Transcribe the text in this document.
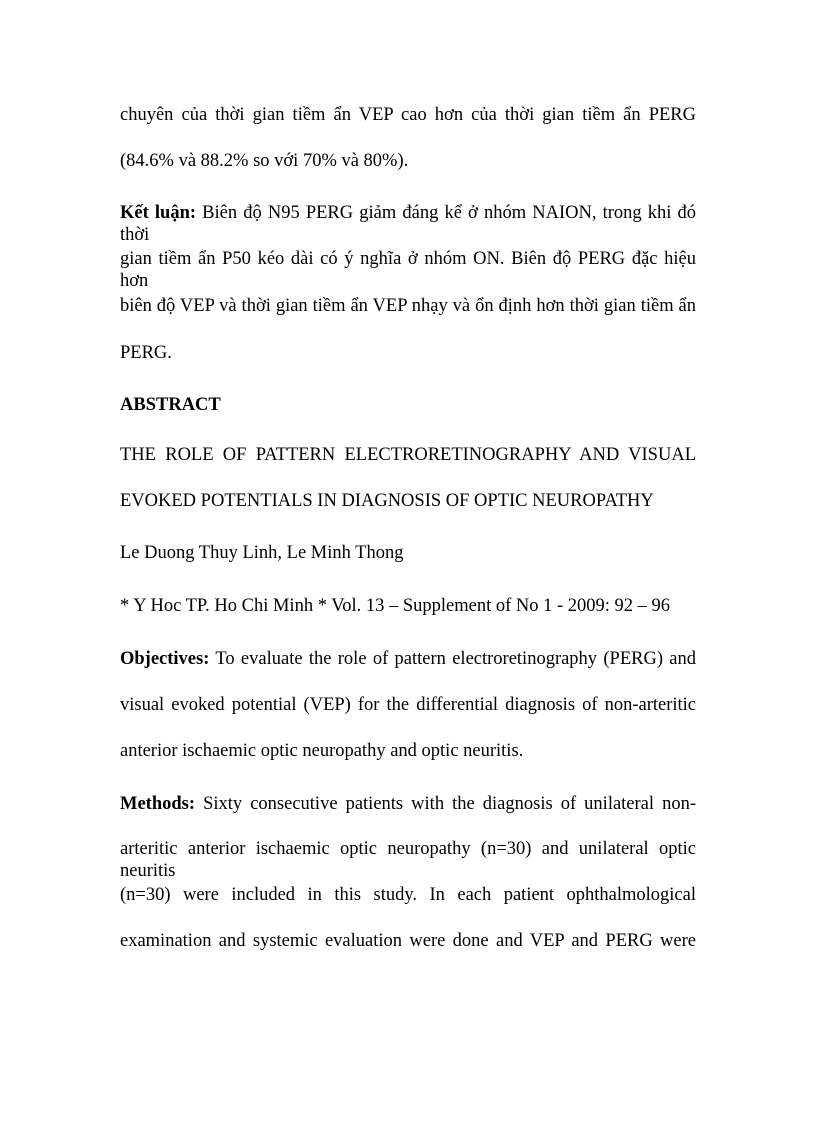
chuyên của thời gian tiềm ẩn VEP cao hơn của thời gian tiềm ẩn PERG
(84.6% và 88.2% so với 70% và 80%).
Kết luận: Biên độ N95 PERG giảm đáng kể ở nhóm NAION, trong khi đó thời
gian tiềm ẩn P50 kéo dài có ý nghĩa ở nhóm ON. Biên độ PERG đặc hiệu hơn
biên độ VEP và thời gian tiềm ẩn VEP nhạy và ổn định hơn thời gian tiềm ẩn
PERG.
ABSTRACT
THE ROLE OF PATTERN ELECTRORETINOGRAPHY AND VISUAL
EVOKED POTENTIALS IN DIAGNOSIS OF OPTIC NEUROPATHY
Le Duong Thuy Linh, Le Minh Thong
* Y Hoc TP. Ho Chi Minh * Vol. 13 – Supplement of No 1 - 2009: 92 – 96
Objectives: To evaluate the role of pattern electroretinography (PERG) and
visual evoked potential (VEP) for the differential diagnosis of non-arteritic
anterior ischaemic optic neuropathy and optic neuritis.
Methods: Sixty consecutive patients with the diagnosis of unilateral non-
arteritic anterior ischaemic optic neuropathy (n=30) and unilateral optic neuritis
(n=30) were included in this study. In each patient ophthalmological
examination and systemic evaluation were done and VEP and PERG were
